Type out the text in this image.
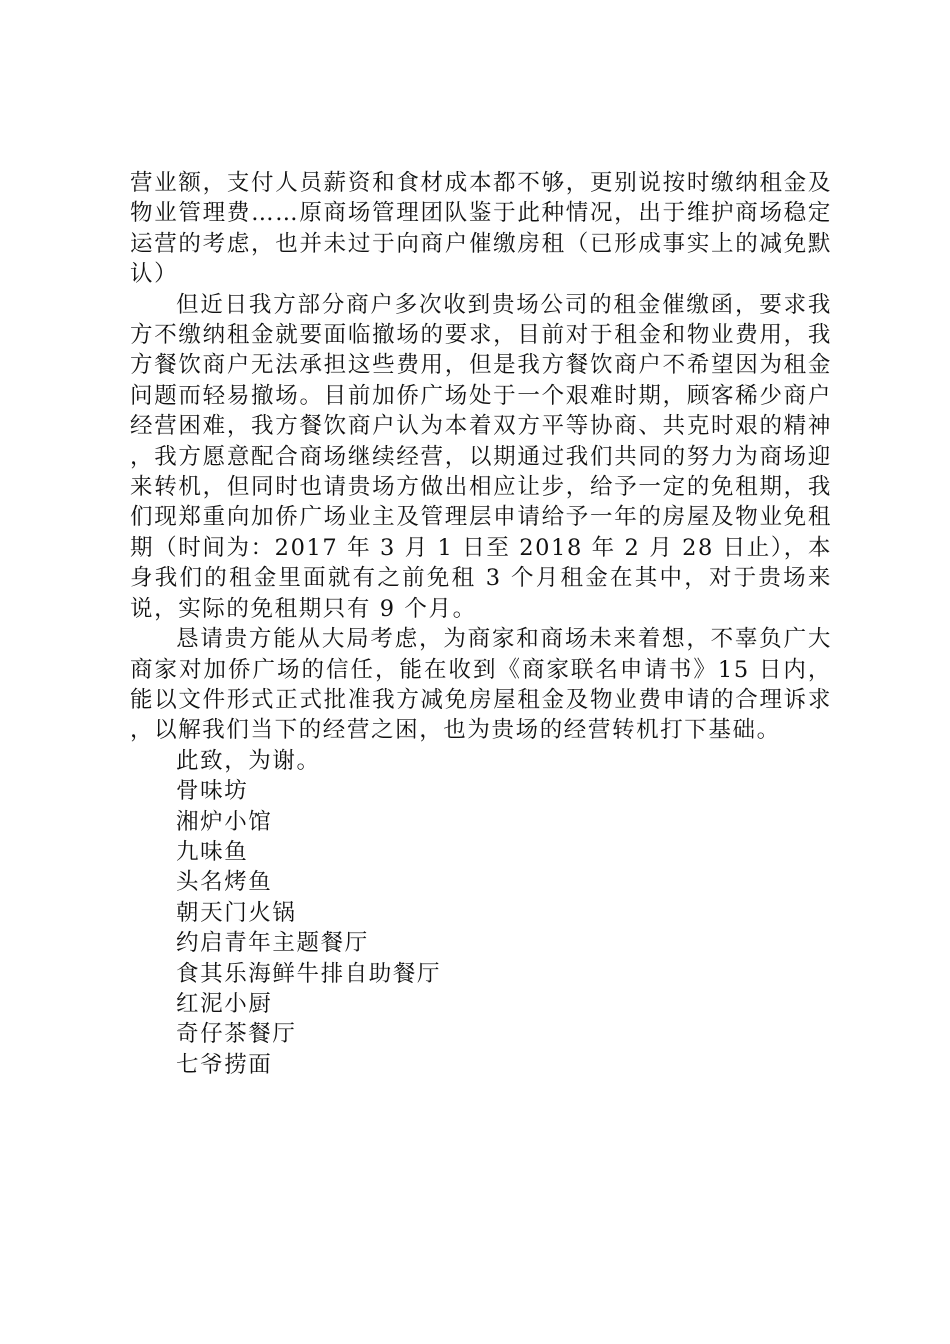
营业额，支付人员薪资和食材成本都不够，更别说按时缴纳租金及物业管理费……原商场管理团队鉴于此种情况，出于维护商场稳定运营的考虑，也并未过于向商户催缴房租（已形成事实上的减免默认）

但近日我方部分商户多次收到贵场公司的租金催缴函，要求我方不缴纳租金就要面临撤场的要求，目前对于租金和物业费用，我方餐饮商户无法承担这些费用，但是我方餐饮商户不希望因为租金问题而轻易撤场。目前加侨广场处于一个艰难时期，顾客稀少商户经营困难，我方餐饮商户认为本着双方平等协商、共克时艰的精神，我方愿意配合商场继续经营，以期通过我们共同的努力为商场迎来转机，但同时也请贵场方做出相应让步，给予一定的免租期，我们现郑重向加侨广场业主及管理层申请给予一年的房屋及物业免租期（时间为：2017 年 3 月 1 日至 2018 年 2 月 28 日止），本身我们的租金里面就有之前免租 3 个月租金在其中，对于贵场来说，实际的免租期只有 9 个月。

恳请贵方能从大局考虑，为商家和商场未来着想，不辜负广大商家对加侨广场的信任，能在收到《商家联名申请书》15 日内，能以文件形式正式批准我方减免房屋租金及物业费申请的合理诉求，以解我们当下的经营之困，也为贵场的经营转机打下基础。

此致，为谢。

骨味坊
湘炉小馆
九味鱼
头名烤鱼
朝天门火锅
约启青年主题餐厅
食其乐海鲜牛排自助餐厅
红泥小厨
奇仔茶餐厅
七爷捞面
